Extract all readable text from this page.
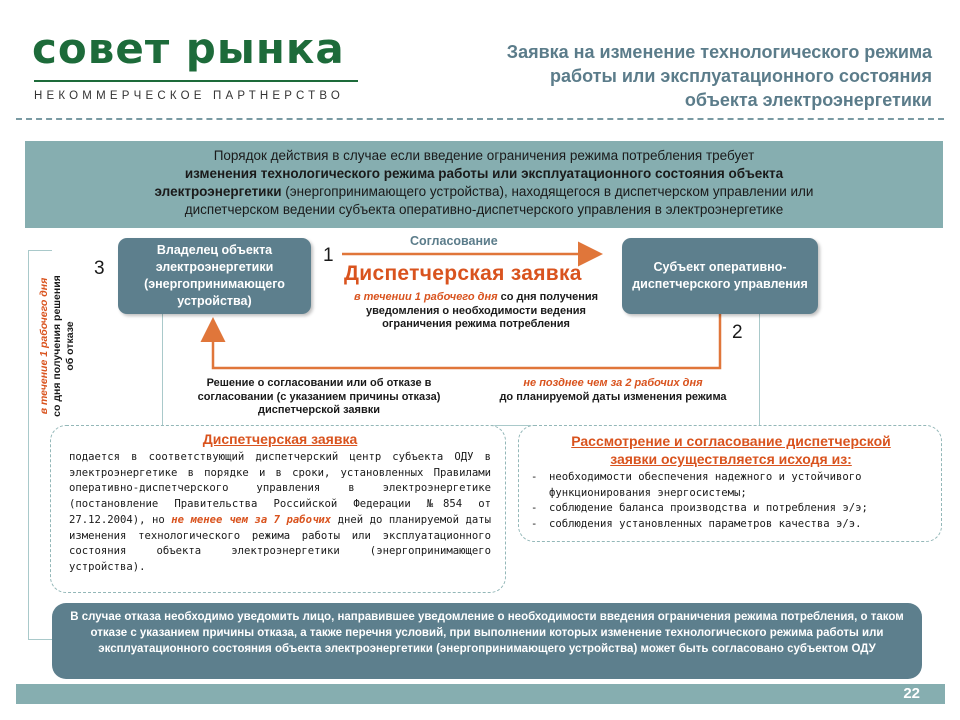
совет рынка
НЕКОММЕРЧЕСКОЕ ПАРТНЕРСТВО
Заявка на изменение технологического режима
работы или эксплуатационного состояния
объекта электроэнергетики
Порядок действия в случае если введение ограничения режима потребления требует
изменения технологического режима работы или эксплуатационного состояния объекта
электроэнергетики (энергопринимающего устройства), находящегося в диспетчерском управлении или
диспетчерском ведении субъекта оперативно-диспетчерского управления в электроэнергетике
Владелец объекта электроэнергетики (энергопринимающего устройства)
Субъект оперативно-диспетчерского управления
3
1
2
Согласование
Диспетчерская заявка
в течении 1 рабочего дня со дня получения
уведомления о необходимости ведения
ограничения режима потребления
Решение о согласовании или об отказе в
согласовании (с указанием причины отказа)
диспетчерской заявки
не позднее чем за 2 рабочих дня
до планируемой даты изменения режима
в течение 1 рабочего дня со дня получения решения об отказе
Диспетчерская заявка
подается в соответствующий диспетчерский центр субъекта ОДУ в электроэнергетике в порядке и в сроки, установленных Правилами оперативно-диспетчерского управления в электроэнергетике (постановление Правительства Российской Федерации №854 от 27.12.2004), но не менее чем за 7 рабочих дней до планируемой даты изменения технологического режима работы или эксплуатационного состояния объекта электроэнергетики (энергопринимающего устройства).
Рассмотрение и согласование диспетчерской
заявки осуществляется исходя из:
-	необходимости обеспечения надежного и устойчивого функционирования энергосистемы;
-	соблюдение баланса производства и потребления э/э;
-	соблюдения установленных параметров качества э/э.
В случае отказа необходимо уведомить лицо, направившее уведомление о необходимости введения ограничения режима потребления, о таком отказе с указанием причины отказа, а также перечня условий, при выполнении которых изменение технологического режима работы или эксплуатационного состояния объекта электроэнергетики (энергопринимающего устройства) может быть согласовано субъектом ОДУ
22
